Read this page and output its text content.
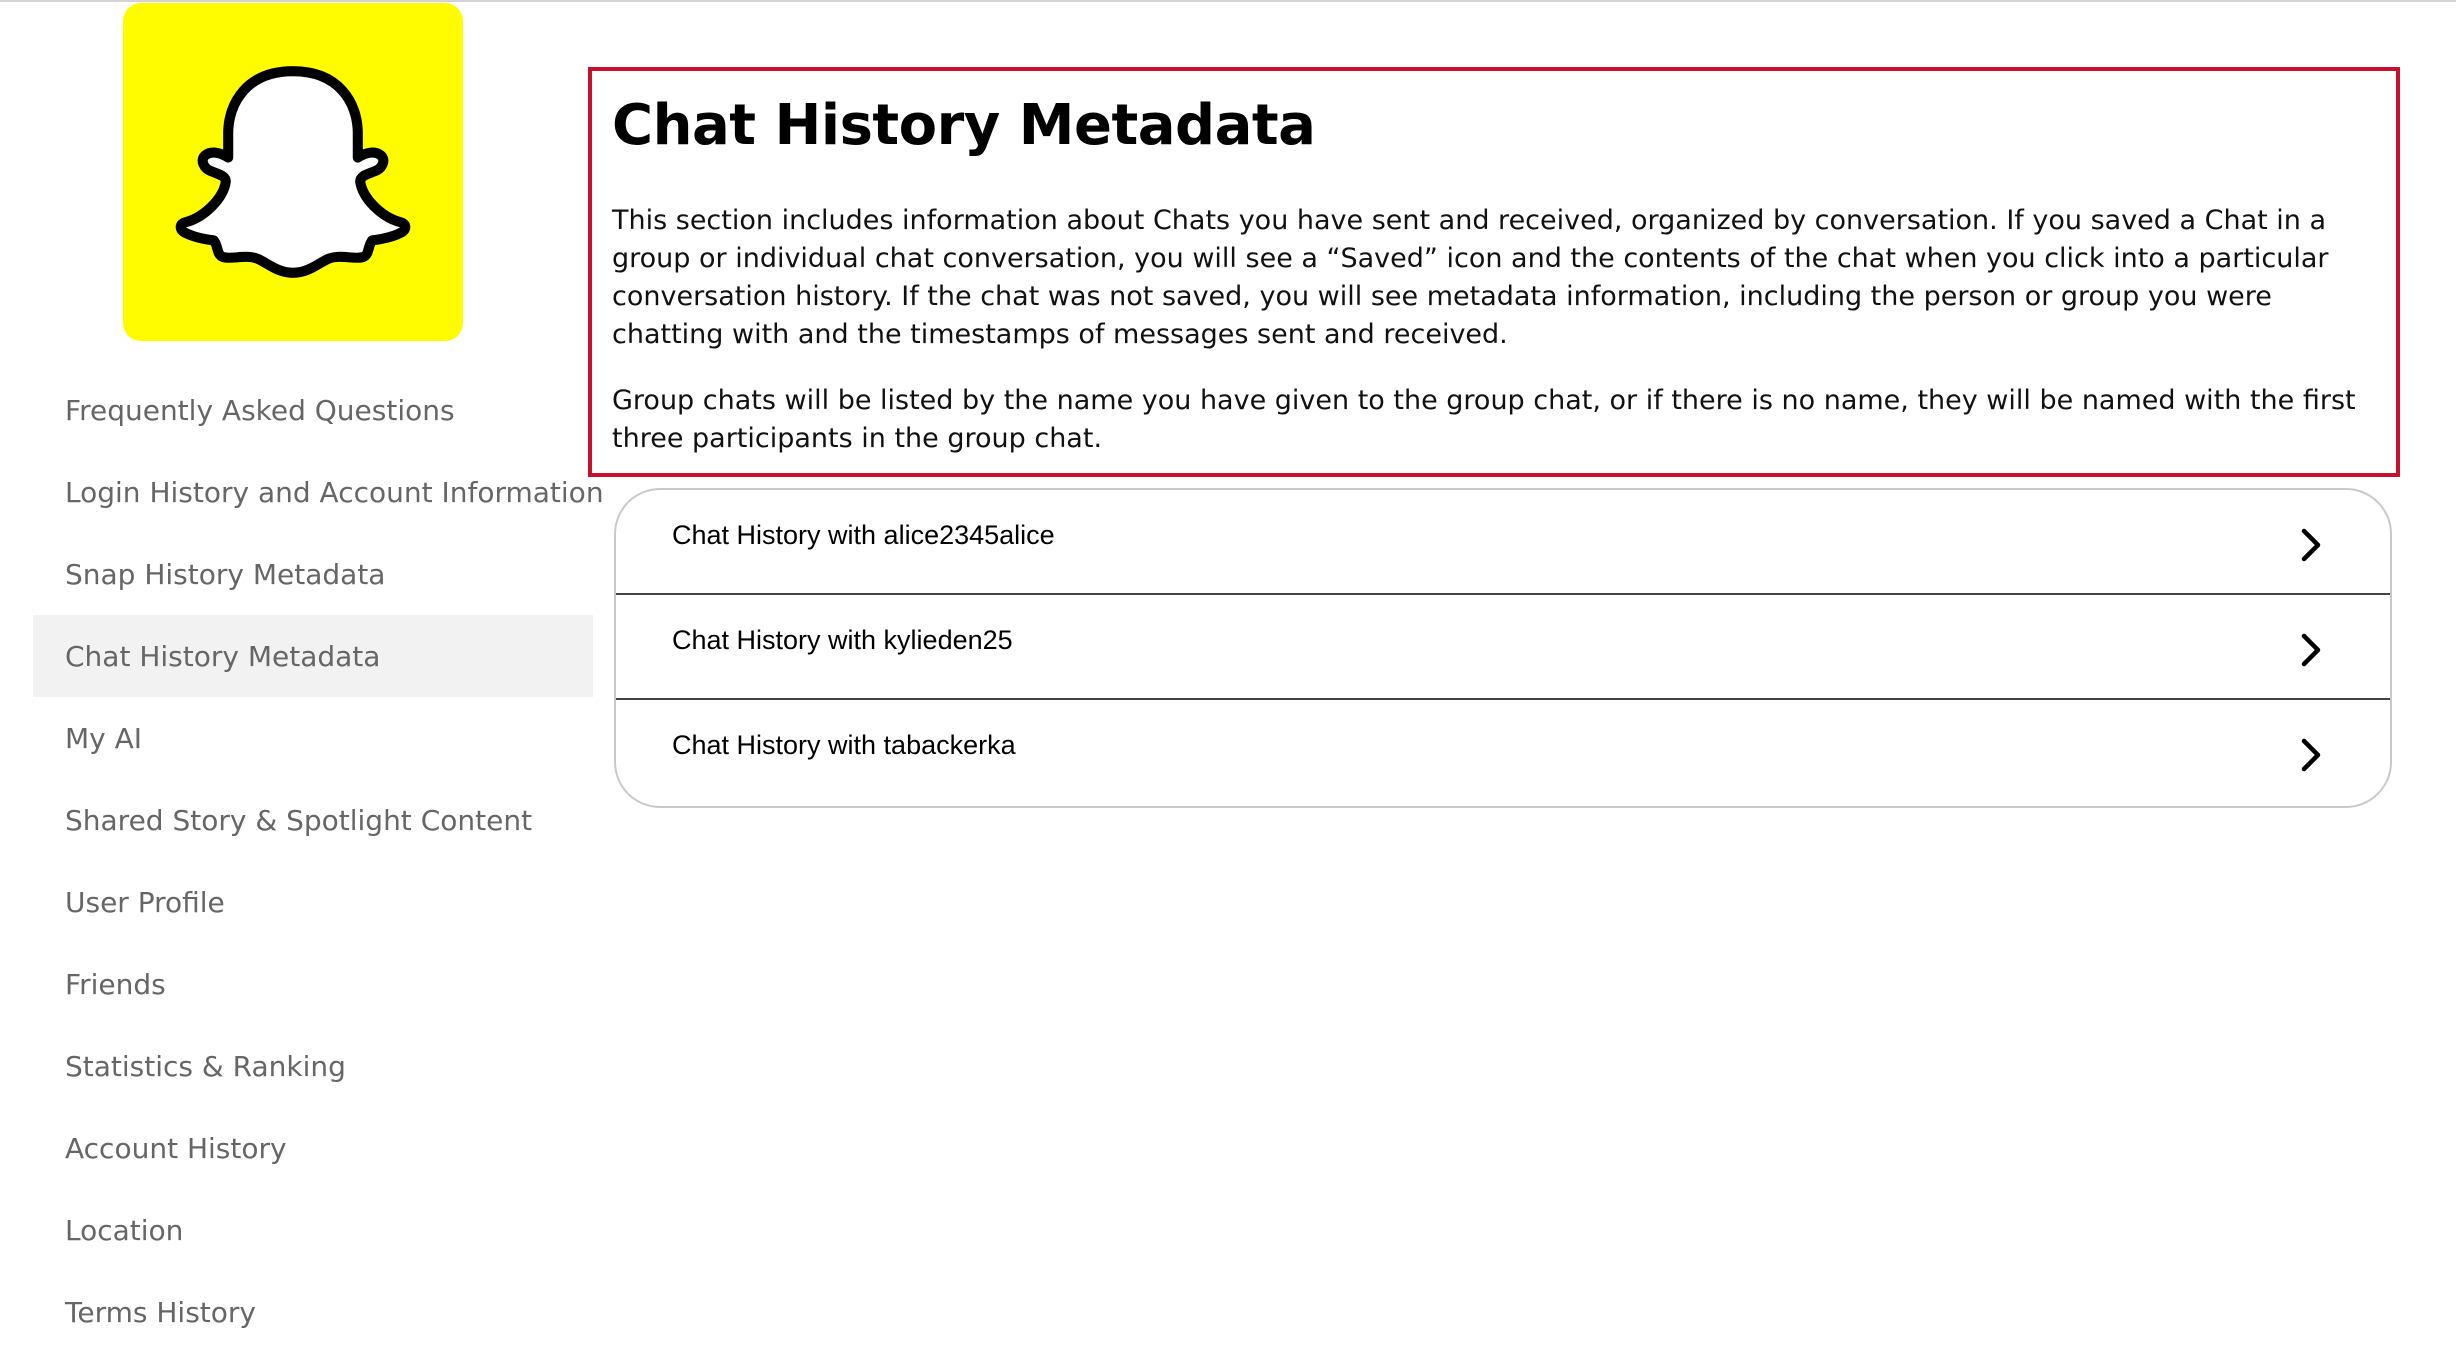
Frequently Asked Questions
Login History and Account Information
Snap History Metadata
Chat History Metadata
My AI
Shared Story & Spotlight Content
User Profile
Friends
Statistics & Ranking
Account History
Location
Terms History
Chat History Metadata

This section includes information about Chats you have sent and received, organized by conversation. If you saved a Chat in a group or individual chat conversation, you will see a “Saved” icon and the contents of the chat when you click into a particular conversation history. If the chat was not saved, you will see metadata information, including the person or group you were chatting with and the timestamps of messages sent and received.

Group chats will be listed by the name you have given to the group chat, or if there is no name, they will be named with the first three participants in the group chat.

Chat History with alice2345alice
Chat History with kylieden25
Chat History with tabackerka
